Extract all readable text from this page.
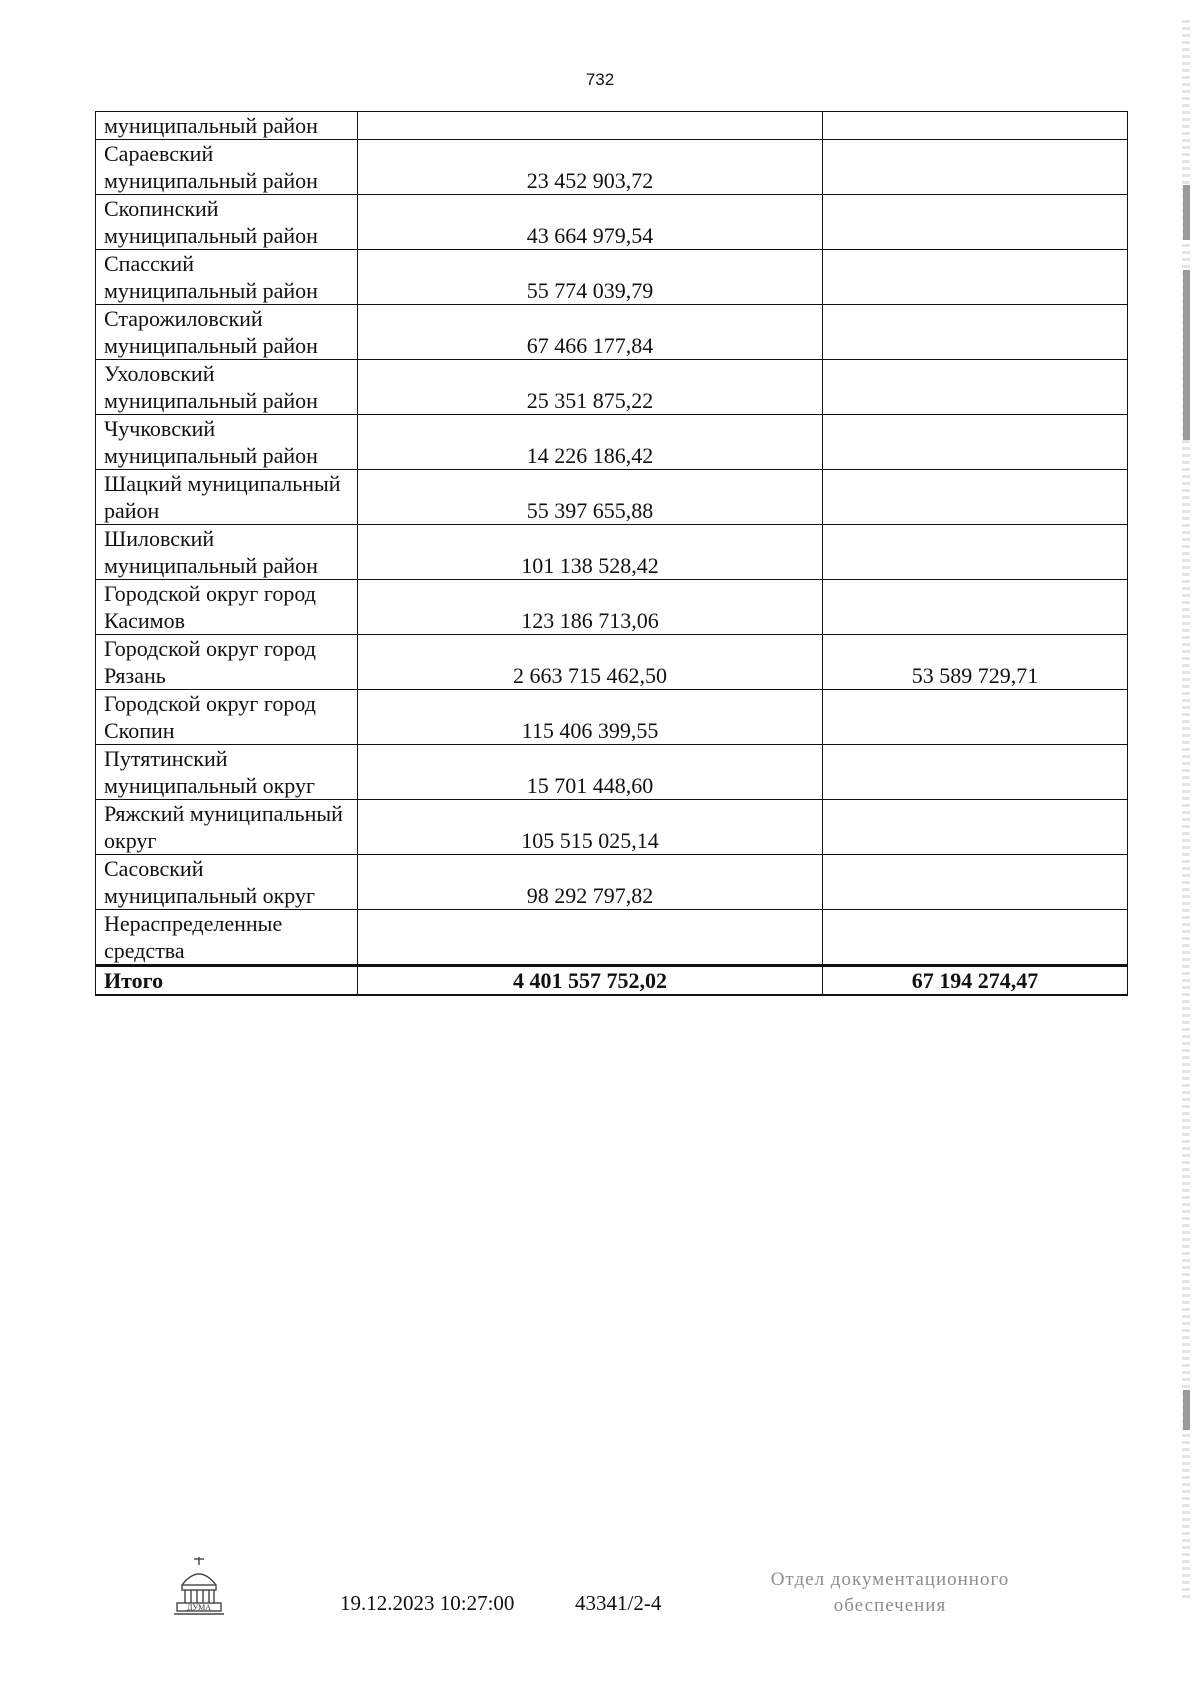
732
муниципальный район		
Сараевский муниципальный район	23 452 903,72	
Скопинский муниципальный район	43 664 979,54	
Спасский муниципальный район	55 774 039,79	
Старожиловский муниципальный район	67 466 177,84	
Ухоловский муниципальный район	25 351 875,22	
Чучковский муниципальный район	14 226 186,42	
Шацкий муниципальный район	55 397 655,88	
Шиловский муниципальный район	101 138 528,42	
Городской округ город Касимов	123 186 713,06	
Городской округ город Рязань	2 663 715 462,50	53 589 729,71
Городской округ город Скопин	115 406 399,55	
Путятинский муниципальный округ	15 701 448,60	
Ряжский муниципальный округ	105 515 025,14	
Сасовский муниципальный округ	98 292 797,82	
Нераспределенные средства		
Итого	4 401 557 752,02	67 194 274,47
ДУМА	19.12.2023 10:27:00	43341/2-4
Отдел документационного обеспечения
